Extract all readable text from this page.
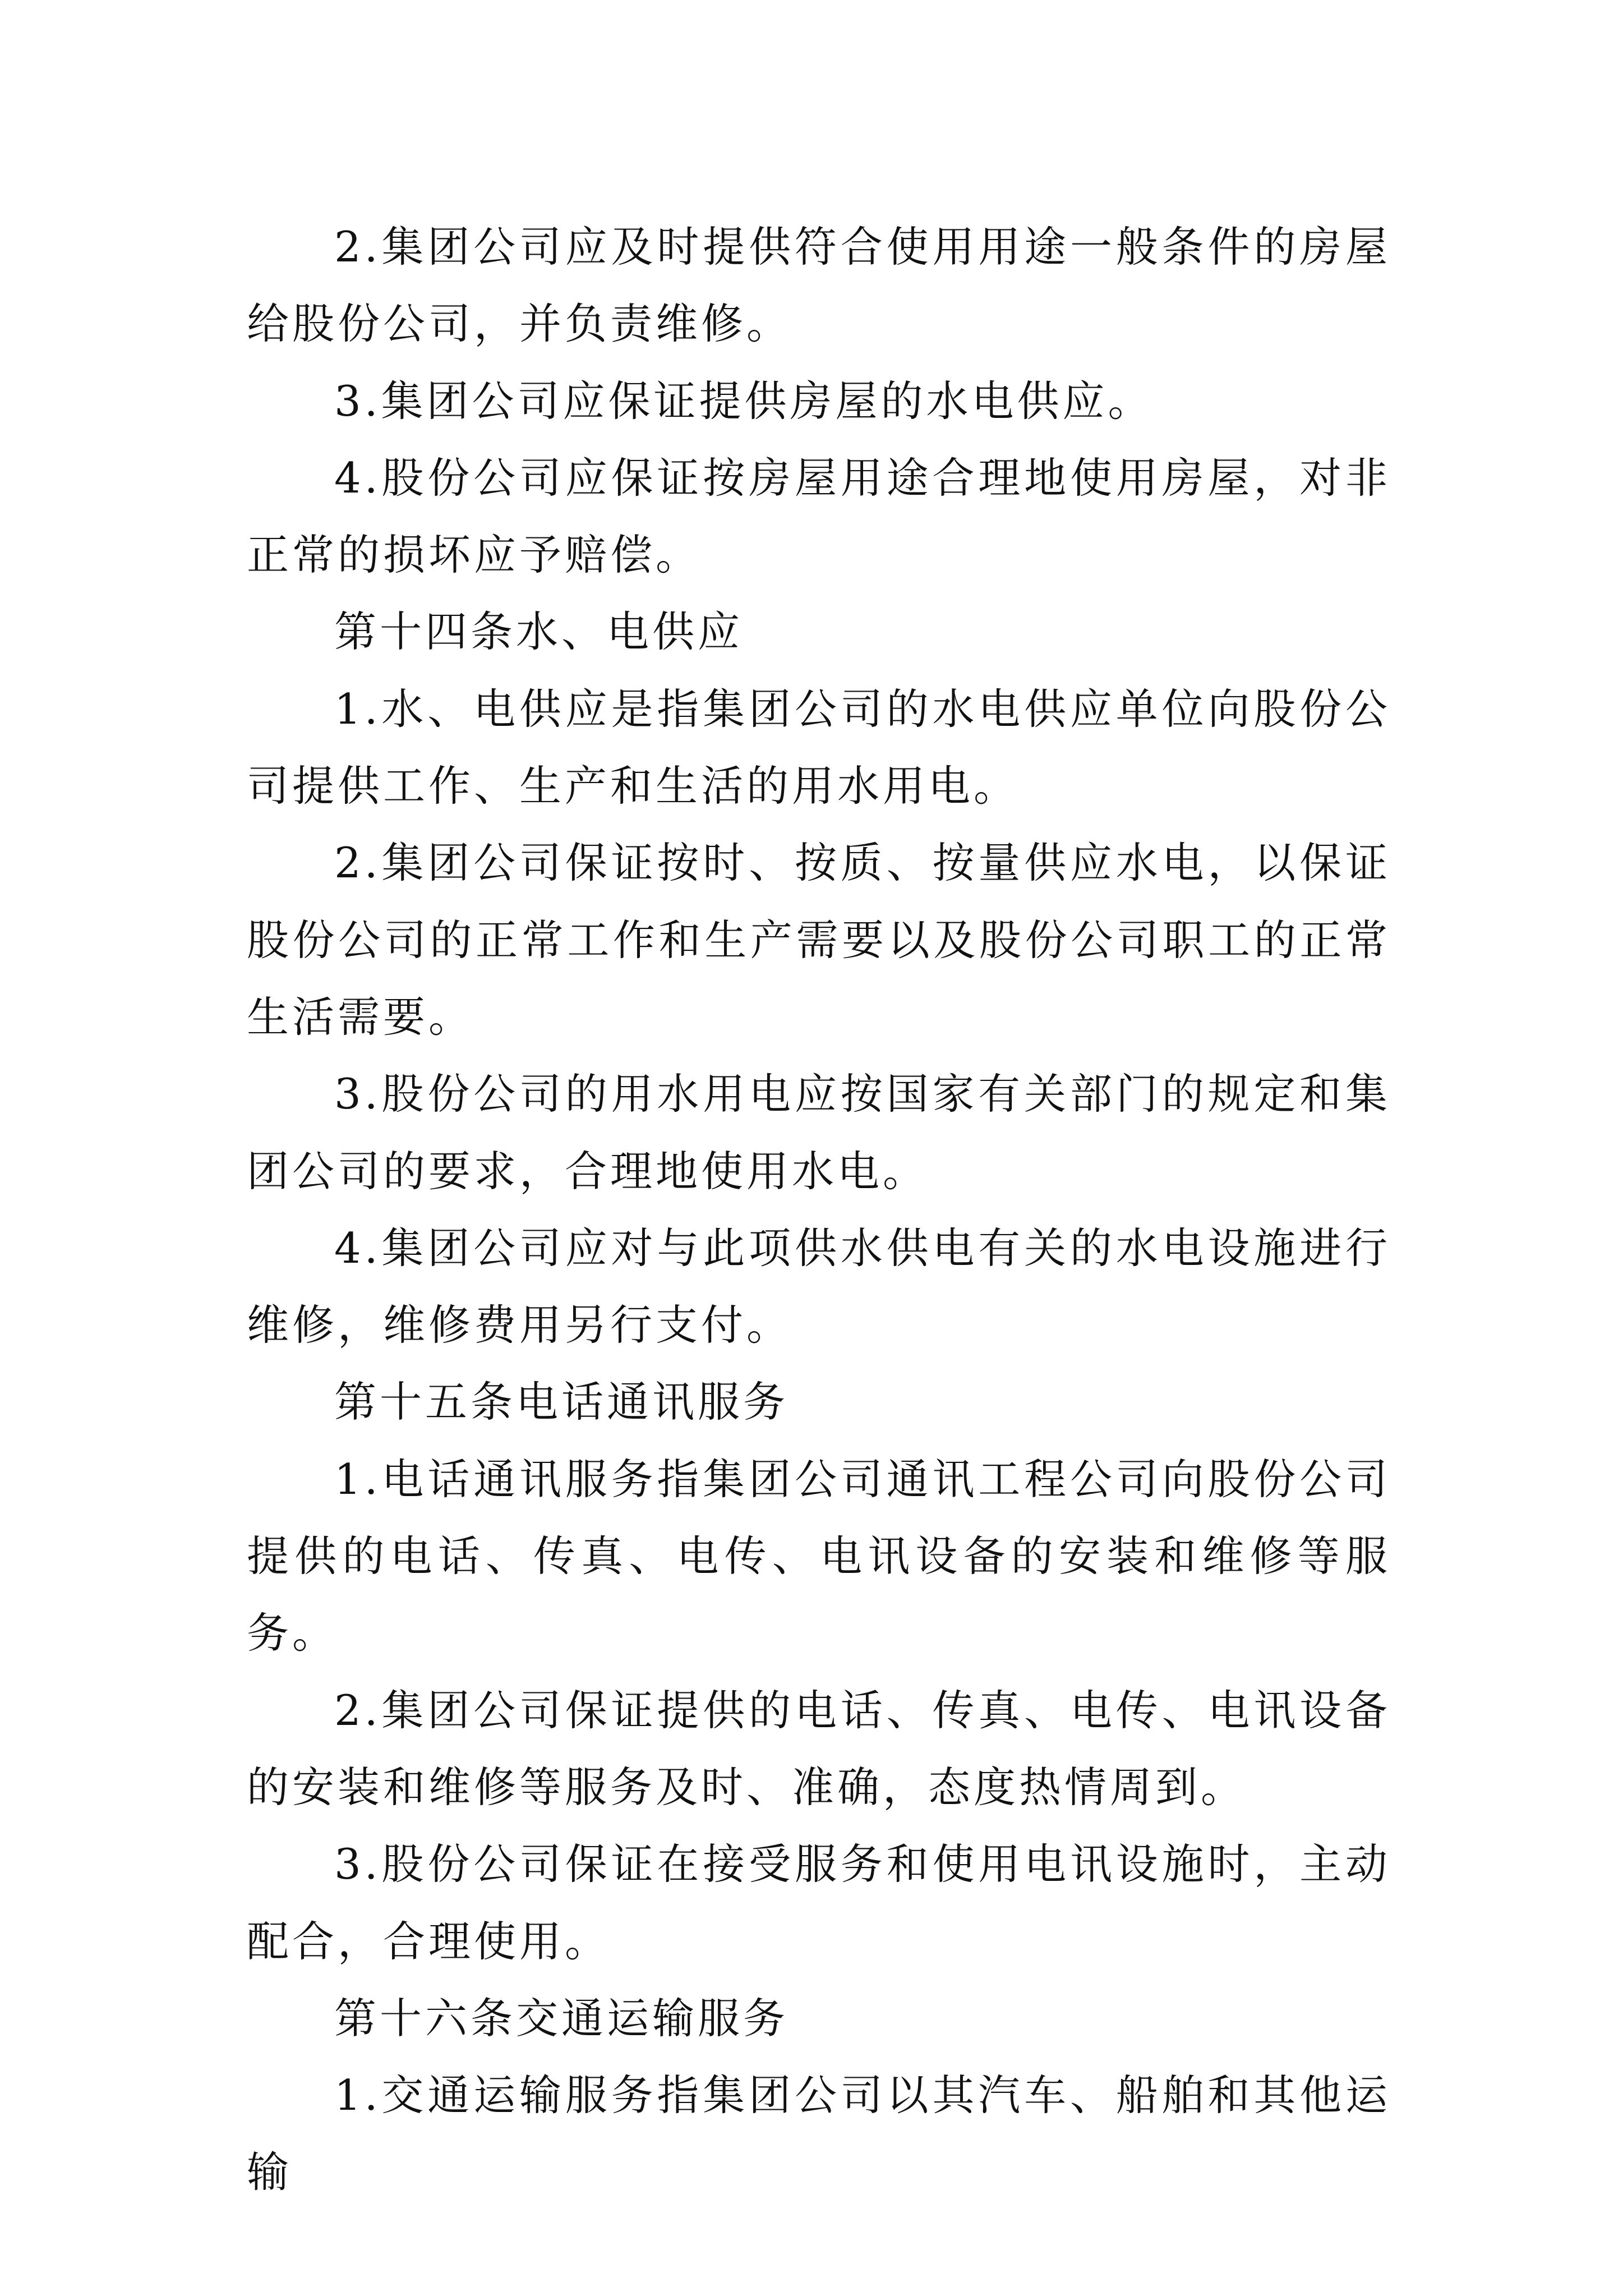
2.集团公司应及时提供符合使用用途一般条件的房屋给股份公司，并负责维修。

3.集团公司应保证提供房屋的水电供应。

4.股份公司应保证按房屋用途合理地使用房屋，对非正常的损坏应予赔偿。

第十四条水、电供应

1.水、电供应是指集团公司的水电供应单位向股份公司提供工作、生产和生活的用水用电。

2.集团公司保证按时、按质、按量供应水电，以保证股份公司的正常工作和生产需要以及股份公司职工的正常生活需要。

3.股份公司的用水用电应按国家有关部门的规定和集团公司的要求，合理地使用水电。

4.集团公司应对与此项供水供电有关的水电设施进行维修，维修费用另行支付。

第十五条电话通讯服务

1.电话通讯服务指集团公司通讯工程公司向股份公司提供的电话、传真、电传、电讯设备的安装和维修等服务。

2.集团公司保证提供的电话、传真、电传、电讯设备的安装和维修等服务及时、准确，态度热情周到。

3.股份公司保证在接受服务和使用电讯设施时，主动配合，合理使用。

第十六条交通运输服务

1.交通运输服务指集团公司以其汽车、船舶和其他运输
